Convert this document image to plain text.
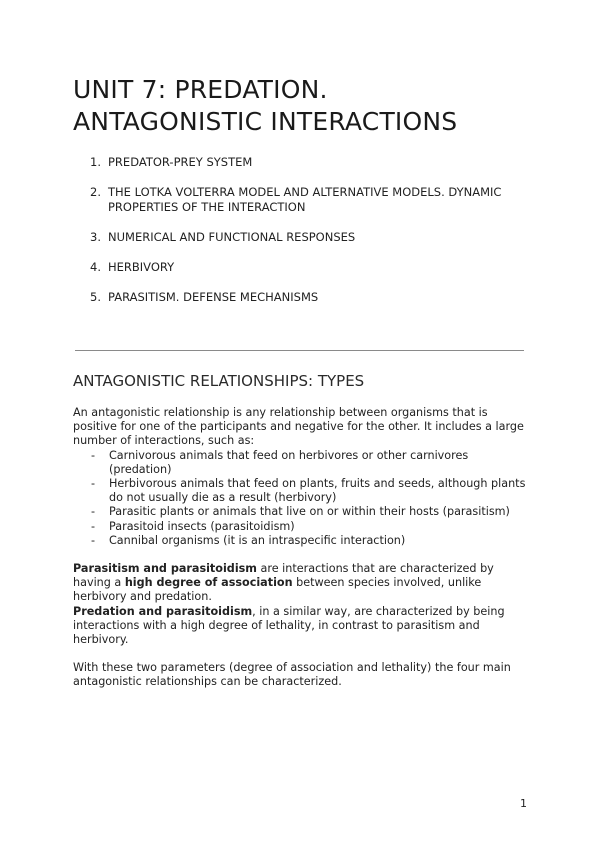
UNIT 7: PREDATION.
ANTAGONISTIC INTERACTIONS
1. PREDATOR-PREY SYSTEM
2. THE LOTKA VOLTERRA MODEL AND ALTERNATIVE MODELS. DYNAMIC PROPERTIES OF THE INTERACTION
3. NUMERICAL AND FUNCTIONAL RESPONSES
4. HERBIVORY
5. PARASITISM. DEFENSE MECHANISMS
ANTAGONISTIC RELATIONSHIPS: TYPES

An antagonistic relationship is any relationship between organisms that is positive for one of the participants and negative for the other. It includes a large number of interactions, such as:

-	Carnivorous animals that feed on herbivores or other carnivores (predation)
-	Herbivorous animals that feed on plants, fruits and seeds, although plants do not usually die as a result (herbivory)
-	Parasitic plants or animals that live on or within their hosts (parasitism)
-	Parasitoid insects (parasitoidism)
-	Cannibal organisms (it is an intraspecific interaction)

Parasitism and parasitoidism are interactions that are characterized by having a high degree of association between species involved, unlike herbivory and predation.

Predation and parasitoidism, in a similar way, are characterized by being interactions with a high degree of lethality, in contrast to parasitism and herbivory.

With these two parameters (degree of association and lethality) the four main antagonistic relationships can be characterized.

1
